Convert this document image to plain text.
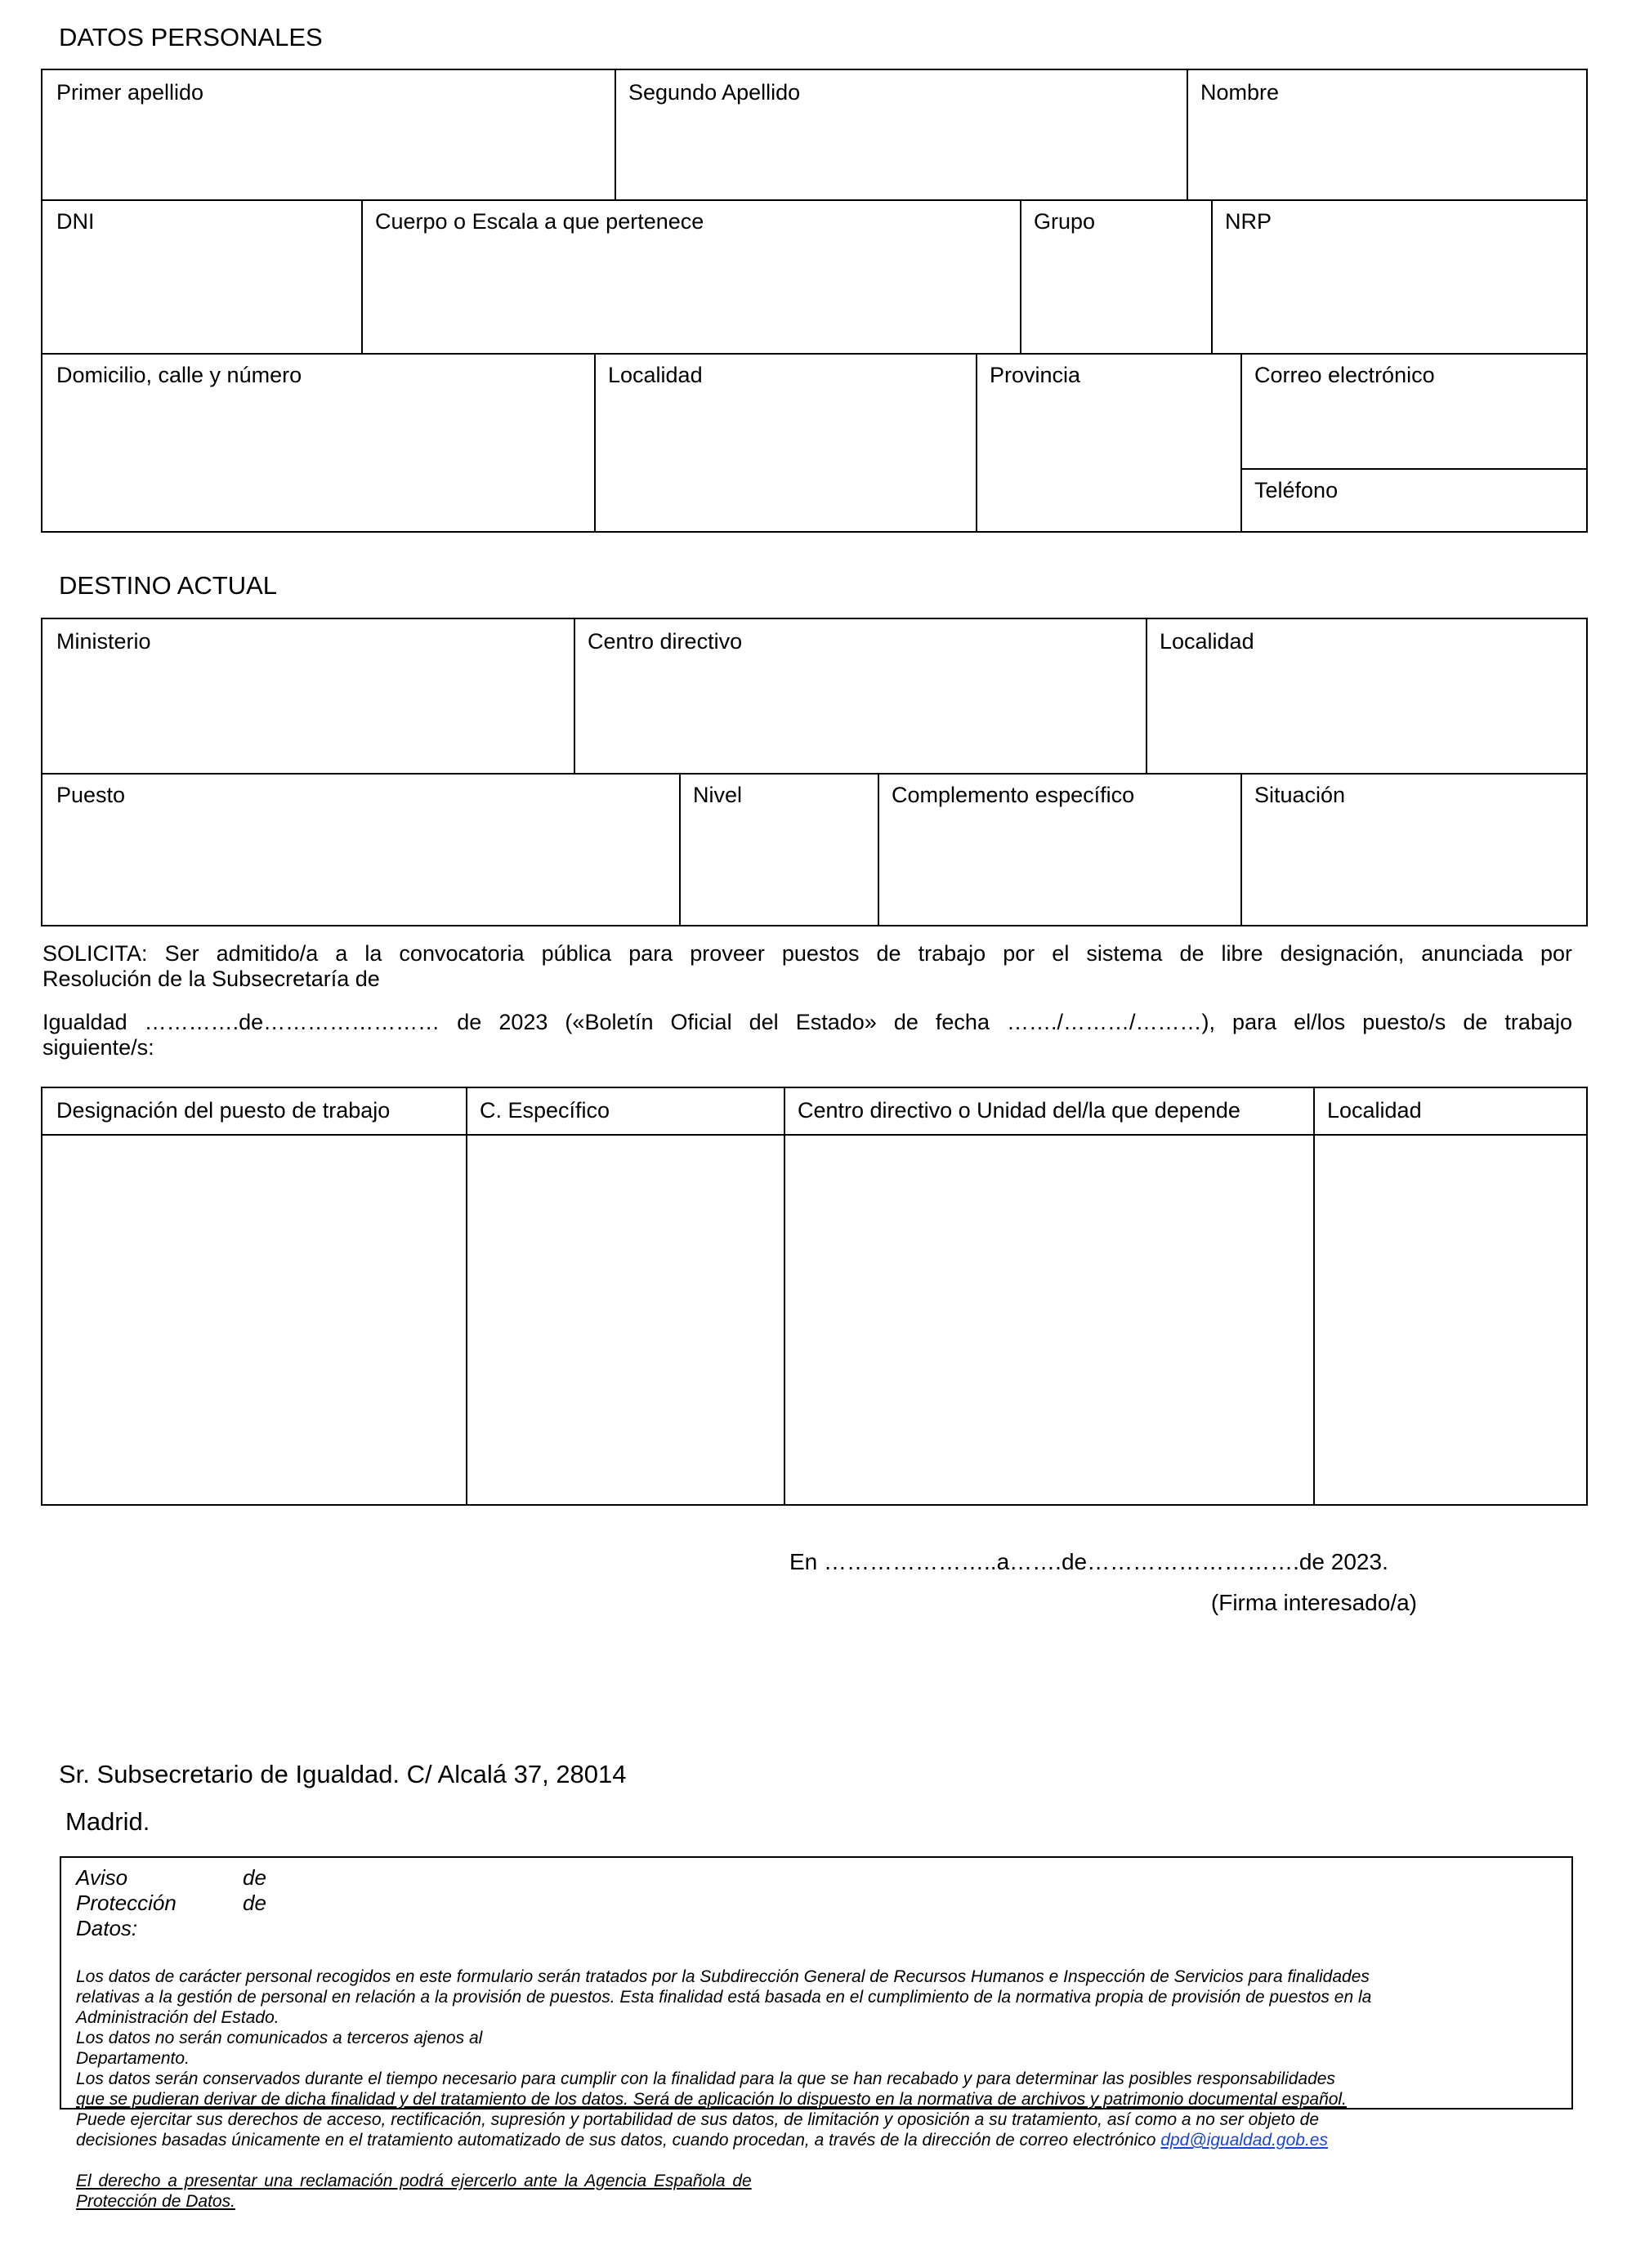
DATOS PERSONALES
Primer apellido	Segundo Apellido	Nombre
DNI	Cuerpo o Escala a que pertenece	Grupo	NRP
Domicilio, calle y número	Localidad	Provincia	Correo electrónico
Teléfono
DESTINO ACTUAL
Ministerio	Centro directivo	Localidad
Puesto	Nivel	Complemento específico	Situación
SOLICITA: Ser admitido/a a la convocatoria pública para proveer puestos de trabajo por el sistema de libre designación, anunciada por
Resolución de la Subsecretaría de
Igualdad ………….de…………………… de 2023 («Boletín Oficial del Estado» de fecha ……./………/………), para el/los puesto/s de trabajo
siguiente/s:
Designación del puesto de trabajo	C. Específico	Centro directivo o Unidad del/la que depende	Localidad
En …………………..a…….de……………………….de 2023.
(Firma interesado/a)
Sr. Subsecretario de Igualdad. C/ Alcalá 37, 28014
Madrid.
Aviso	de
Protección	de
Datos:
Los datos de carácter personal recogidos en este formulario serán tratados por la Subdirección General de Recursos Humanos e Inspección de Servicios para finalidades
relativas a la gestión de personal en relación a la provisión de puestos. Esta finalidad está basada en el cumplimiento de la normativa propia de provisión de puestos en la
Administración del Estado.
Los datos no serán comunicados a terceros ajenos al
Departamento.
Los datos serán conservados durante el tiempo necesario para cumplir con la finalidad para la que se han recabado y para determinar las posibles responsabilidades
que se pudieran derivar de dicha finalidad y del tratamiento de los datos. Será de aplicación lo dispuesto en la normativa de archivos y patrimonio documental español.
Puede ejercitar sus derechos de acceso, rectificación, supresión y portabilidad de sus datos, de limitación y oposición a su tratamiento, así como a no ser objeto de
decisiones basadas únicamente en el tratamiento automatizado de sus datos, cuando procedan, a través de la dirección de correo electrónico dpd@igualdad.gob.es
El derecho a presentar una reclamación podrá ejercerlo ante la Agencia Española de
Protección de Datos.
